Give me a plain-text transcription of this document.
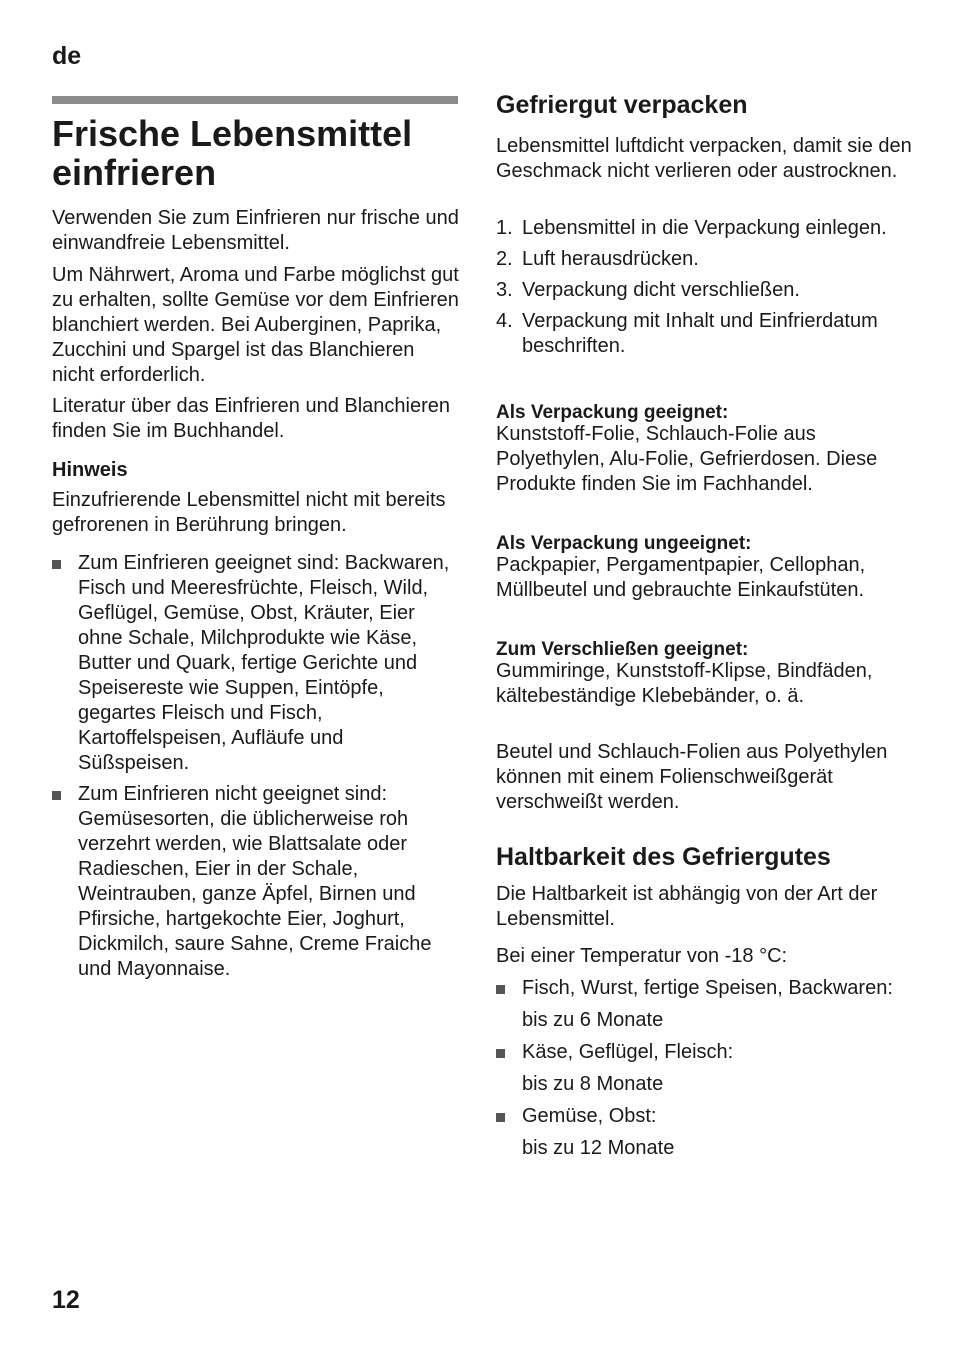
de
Frische Lebensmittel einfrieren

Verwenden Sie zum Einfrieren nur frische und einwandfreie Lebensmittel.

Um Nährwert, Aroma und Farbe möglichst gut zu erhalten, sollte Gemüse vor dem Einfrieren blanchiert werden. Bei Auberginen, Paprika, Zucchini und Spargel ist das Blanchieren nicht erforderlich.

Literatur über das Einfrieren und Blanchieren finden Sie im Buchhandel.

Hinweis

Einzufrierende Lebensmittel nicht mit bereits gefrorenen in Berührung bringen.

Zum Einfrieren geeignet sind: Backwaren, Fisch und Meeresfrüchte, Fleisch, Wild, Geflügel, Gemüse, Obst, Kräuter, Eier ohne Schale, Milchprodukte wie Käse, Butter und Quark, fertige Gerichte und Speisereste wie Suppen, Eintöpfe, gegartes Fleisch und Fisch, Kartoffelspeisen, Aufläufe und Süßspeisen.
Zum Einfrieren nicht geeignet sind: Gemüsesorten, die üblicherweise roh verzehrt werden, wie Blattsalate oder Radieschen, Eier in der Schale, Weintrauben, ganze Äpfel, Birnen und Pfirsiche, hartgekochte Eier, Joghurt, Dickmilch, saure Sahne, Creme Fraiche und Mayonnaise.
Gefriergut verpacken

Lebensmittel luftdicht verpacken, damit sie den Geschmack nicht verlieren oder austrocknen.

1. Lebensmittel in die Verpackung einlegen.
2. Luft herausdrücken.
3. Verpackung dicht verschließen.
4. Verpackung mit Inhalt und Einfrierdatum beschriften.
Als Verpackung geeignet:

Kunststoff-Folie, Schlauch-Folie aus Polyethylen, Alu-Folie, Gefrierdosen. Diese Produkte finden Sie im Fachhandel.

Als Verpackung ungeeignet:

Packpapier, Pergamentpapier, Cellophan, Müllbeutel und gebrauchte Einkaufstüten.

Zum Verschließen geeignet:

Gummiringe, Kunststoff-Klipse, Bindfäden, kältebeständige Klebebänder, o. ä.

Beutel und Schlauch-Folien aus Polyethylen können mit einem Folienschweißgerät verschweißt werden.

Haltbarkeit des Gefriergutes

Die Haltbarkeit ist abhängig von der Art der Lebensmittel.

Bei einer Temperatur von -18 °C:

Fisch, Wurst, fertige Speisen, Backwaren:
bis zu 6 Monate
Käse, Geflügel, Fleisch:
bis zu 8 Monate
Gemüse, Obst:
bis zu 12 Monate
12
